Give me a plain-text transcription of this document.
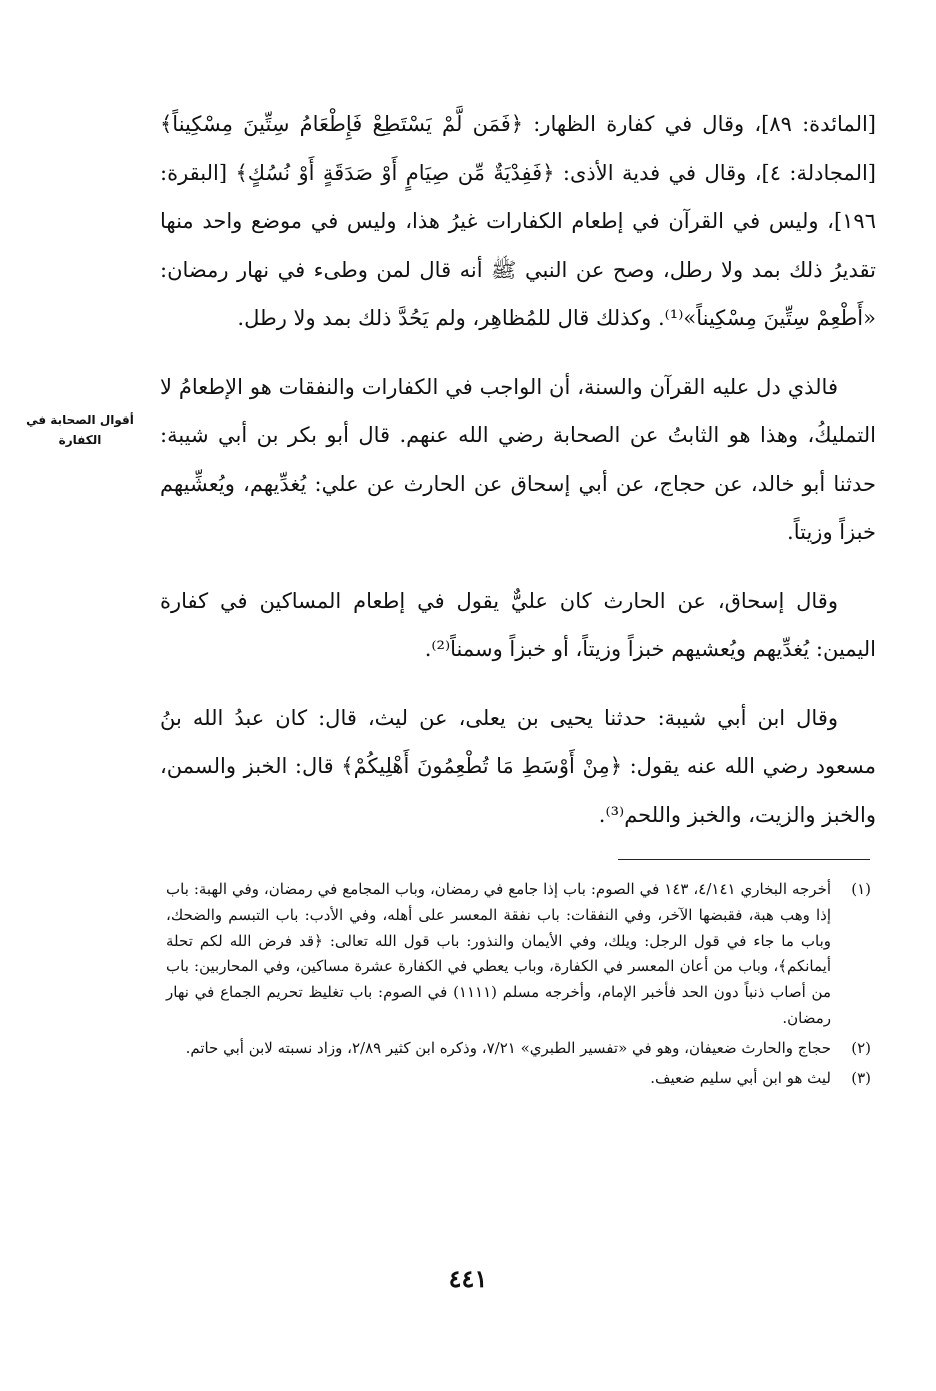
[المائدة: ٨٩]، وقال في كفارة الظهار: ﴿فَمَن لَّمْ يَسْتَطِعْ فَإِطْعَامُ سِتِّينَ مِسْكِيناً﴾ [المجادلة: ٤]، وقال في فدية الأذى: ﴿فَفِدْيَةٌ مِّن صِيَامٍ أَوْ صَدَقَةٍ أَوْ نُسُكٍ﴾ [البقرة: ١٩٦]، وليس في القرآن في إطعام الكفارات غيرُ هذا، وليس في موضع واحد منها تقديرُ ذلك بمد ولا رطل، وصح عن النبي ﷺ أنه قال لمن وطىء في نهار رمضان: «أَطْعِمْ سِتِّينَ مِسْكِيناً»⁽¹⁾. وكذلك قال للمُظاهِر، ولم يَحُدَّ ذلك بمد ولا رطل.

فالذي دل عليه القرآن والسنة، أن الواجب في الكفارات والنفقات هو الإطعامُ لا التمليكُ، وهذا هو الثابتُ عن الصحابة رضي الله عنهم. قال أبو بكر بن أبي شيبة: حدثنا أبو خالد، عن حجاج، عن أبي إسحاق عن الحارث عن علي: يُغدِّيهم، ويُعشِّيهم خبزاً وزيتاً.

وقال إسحاق، عن الحارث كان عليٌّ يقول في إطعام المساكين في كفارة اليمين: يُغدِّيهم ويُعشيهم خبزاً وزيتاً، أو خبزاً وسمناً⁽²⁾.

وقال ابن أبي شيبة: حدثنا يحيى بن يعلى، عن ليث، قال: كان عبدُ الله بنُ مسعود رضي الله عنه يقول: ﴿مِنْ أَوْسَطِ مَا تُطْعِمُونَ أَهْلِيكُمْ﴾ قال: الخبز والسمن، والخبز والزيت، والخبز واللحم⁽³⁾.

أقوال الصحابة في الكفارة
(١)
أخرجه البخاري ٤/١٤١، ١٤٣ في الصوم: باب إذا جامع في رمضان، وباب المجامع في رمضان، وفي الهبة: باب إذا وهب هبة، فقبضها الآخر، وفي النفقات: باب نفقة المعسر على أهله، وفي الأدب: باب التبسم والضحك، وباب ما جاء في قول الرجل: ويلك، وفي الأيمان والنذور: باب قول الله تعالى: ﴿قد فرض الله لكم تحلة أيمانكم﴾، وباب من أعان المعسر في الكفارة، وباب يعطي في الكفارة عشرة مساكين، وفي المحاربين: باب من أصاب ذنباً دون الحد فأخبر الإمام، وأخرجه مسلم (١١١١) في الصوم: باب تغليظ تحريم الجماع في نهار رمضان.
(٢)
حجاج والحارث ضعيفان، وهو في «تفسير الطبري» ٧/٢١، وذكره ابن كثير ٢/٨٩، وزاد نسبته لابن أبي حاتم.
(٣)
ليث هو ابن أبي سليم ضعيف.
٤٤١
